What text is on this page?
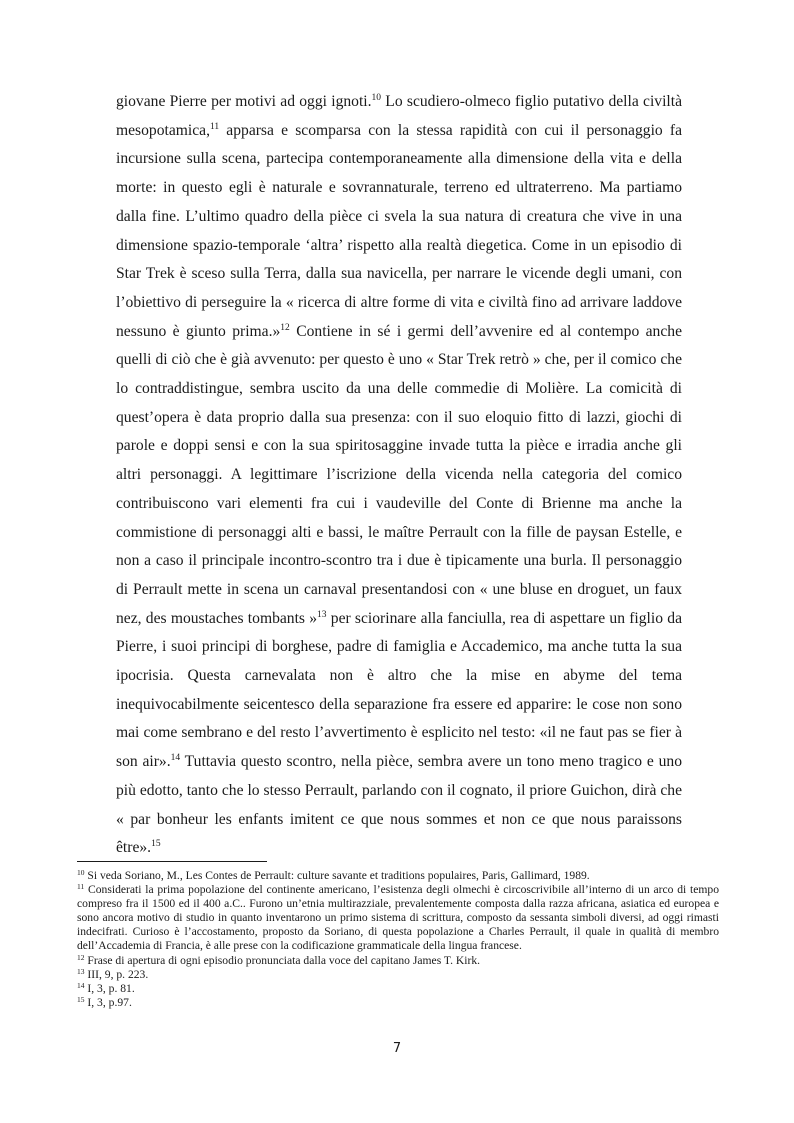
giovane Pierre per motivi ad oggi ignoti.$^{10}$ Lo scudiero-olmeco figlio putativo della civiltà mesopotamica,$^{11}$ apparsa e scomparsa con la stessa rapidità con cui il personaggio fa incursione sulla scena, partecipa contemporaneamente alla dimensione della vita e della morte: in questo egli è naturale e sovrannaturale, terreno ed ultraterreno. Ma partiamo dalla fine. L’ultimo quadro della pièce ci svela la sua natura di creatura che vive in una dimensione spazio-temporale ‘altra’ rispetto alla realtà diegetica. Come in un episodio di Star Trek è sceso sulla Terra, dalla sua navicella, per narrare le vicende degli umani, con l’obiettivo di perseguire la « ricerca di altre forme di vita e civiltà fino ad arrivare laddove nessuno è giunto prima.»$^{12}$ Contiene in sé i germi dell’avvenire ed al contempo anche quelli di ciò che è già avvenuto: per questo è uno « Star Trek retrò » che, per il comico che lo contraddistingue, sembra uscito da una delle commedie di Molière. La comicità di quest’opera è data proprio dalla sua presenza: con il suo eloquio fitto di lazzi, giochi di parole e doppi sensi e con la sua spiritosaggine invade tutta la pièce e irradia anche gli altri personaggi. A legittimare l’iscrizione della vicenda nella categoria del comico contribuiscono vari elementi fra cui i vaudeville del Conte di Brienne ma anche la commistione di personaggi alti e bassi, le maître Perrault con la fille de paysan Estelle, e non a caso il principale incontro-scontro tra i due è tipicamente una burla. Il personaggio di Perrault mette in scena un carnaval presentandosi con « une bluse en droguet, un faux nez, des moustaches tombants »$^{13}$ per sciorinare alla fanciulla, rea di aspettare un figlio da Pierre, i suoi principi di borghese, padre di famiglia e Accademico, ma anche tutta la sua ipocrisia. Questa carnevalata non è altro che la mise en abyme del tema inequivocabilmente seicentesco della separazione fra essere ed apparire: le cose non sono mai come sembrano e del resto l’avvertimento è esplicito nel testo: «il ne faut pas se fier à son air».$^{14}$ Tuttavia questo scontro, nella pièce, sembra avere un tono meno tragico e uno più edotto, tanto che lo stesso Perrault, parlando con il cognato, il priore Guichon, dirà che « par bonheur les enfants imitent ce que nous sommes et non ce que nous paraissons être».$^{15}$

$^{10}$ Si veda Soriano, M., Les Contes de Perrault: culture savante et traditions populaires, Paris, Gallimard, 1989.

$^{11}$ Considerati la prima popolazione del continente americano, l’esistenza degli olmechi è circoscrivibile all’interno di un arco di tempo compreso fra il 1500 ed il 400 a.C.. Furono un’etnia multirazziale, prevalentemente composta dalla razza africana, asiatica ed europea e sono ancora motivo di studio in quanto inventarono un primo sistema di scrittura, composto da sessanta simboli diversi, ad oggi rimasti indecifrati. Curioso è l’accostamento, proposto da Soriano, di questa popolazione a Charles Perrault, il quale in qualità di membro dell’Accademia di Francia, è alle prese con la codificazione grammaticale della lingua francese.

$^{12}$ Frase di apertura di ogni episodio pronunciata dalla voce del capitano James T. Kirk.

$^{13}$ III, 9, p. 223.

$^{14}$ I, 3, p. 81.

$^{15}$ I, 3, p.97.

7
